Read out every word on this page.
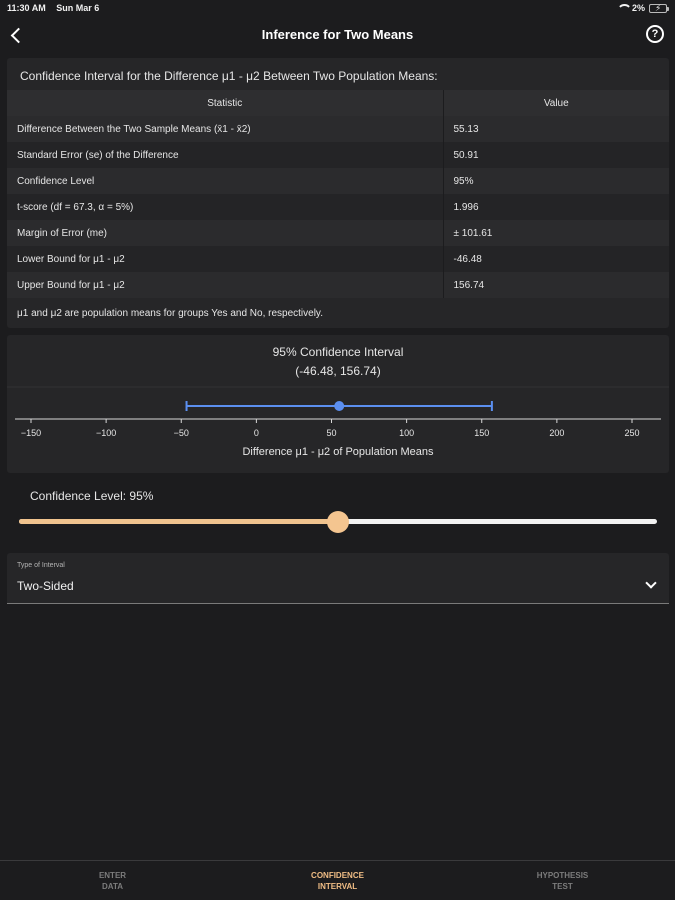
11:30 AM Sun Mar 6	2% ⚡
Inference for Two Means	?
Confidence Interval for the Difference μ1 - μ2 Between Two Population Means:
Statistic	Value
Difference Between the Two Sample Means (x̄1 - x̄2)	55.13
Standard Error (se) of the Difference	50.91
Confidence Level	95%
t-score (df = 67.3, α = 5%)	1.996
Margin of Error (me)	± 101.61
Lower Bound for μ1 - μ2	-46.48
Upper Bound for μ1 - μ2	156.74
μ1 and μ2 are population means for groups Yes and No, respectively.
95% Confidence Interval
(-46.48, 156.74)
−150	−100	−50	0	50	100	150	200	250
Difference μ1 - μ2 of Population Means
Confidence Level: 95%
Type of Interval
Two-Sided
ENTER
DATA
CONFIDENCE
INTERVAL
HYPOTHESIS
TEST
